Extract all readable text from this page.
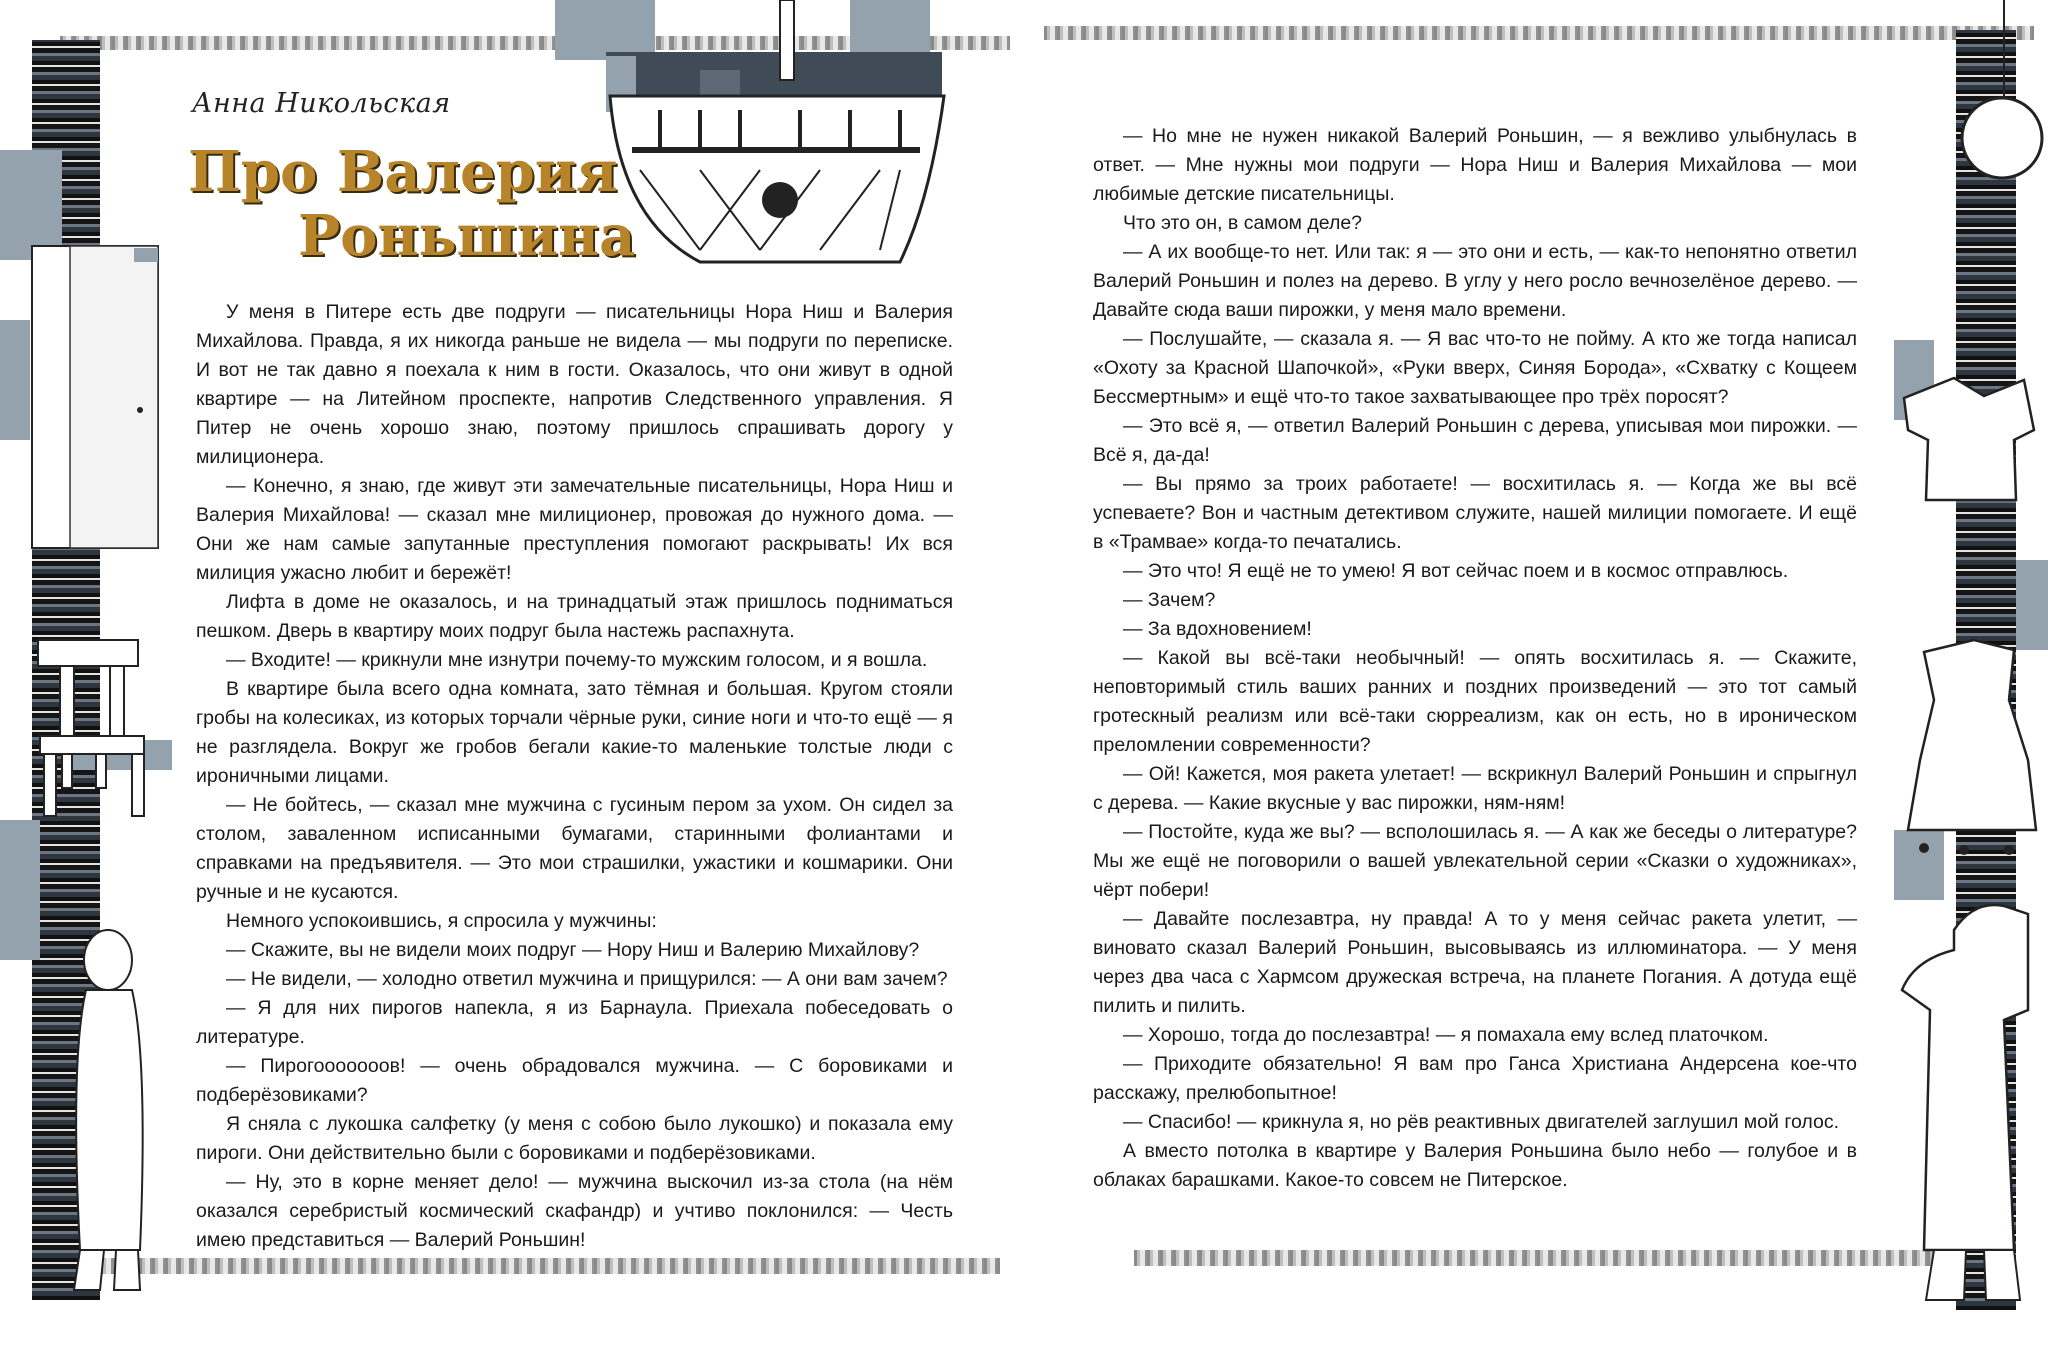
Анна Никольская

Про Валерия
Роньшина

У меня в Питере есть две подруги — писательницы Нора Ниш и Валерия Михайлова. Правда, я их никогда раньше не видела — мы подруги по переписке. И вот не так давно я поехала к ним в гости. Оказалось, что они живут в одной квартире — на Литейном проспекте, напротив Следственного управления. Я Питер не очень хорошо знаю, поэтому пришлось спрашивать дорогу у милиционера.

— Конечно, я знаю, где живут эти замечательные писательницы, Нора Ниш и Валерия Михайлова! — сказал мне милиционер, провожая до нужного дома. — Они же нам самые запутанные преступления помогают раскрывать! Их вся милиция ужасно любит и бережёт!

Лифта в доме не оказалось, и на тринадцатый этаж пришлось подниматься пешком. Дверь в квартиру моих подруг была настежь распахнута.

— Входите! — крикнули мне изнутри почему-то мужским голосом, и я вошла.

В квартире была всего одна комната, зато тёмная и большая. Кругом стояли гробы на колесиках, из которых торчали чёрные руки, синие ноги и что-то ещё — я не разглядела. Вокруг же гробов бегали какие-то маленькие толстые люди с ироничными лицами.

— Не бойтесь, — сказал мне мужчина с гусиным пером за ухом. Он сидел за столом, заваленном исписанными бумагами, старинными фолиантами и справками на предъявителя. — Это мои страшилки, ужастики и кошмарики. Они ручные и не кусаются.

Немного успокоившись, я спросила у мужчины:

— Скажите, вы не видели моих подруг — Нору Ниш и Валерию Михайлову?

— Не видели, — холодно ответил мужчина и прищурился: — А они вам зачем?

— Я для них пирогов напекла, я из Барнаула. Приехала побеседовать о литературе.

— Пирогооооооов! — очень обрадовался мужчина. — С боровиками и подберёзовиками?

Я сняла с лукошка салфетку (у меня с собою было лукошко) и показала ему пироги. Они действительно были с боровиками и подберёзовиками.

— Ну, это в корне меняет дело! — мужчина выскочил из-за стола (на нём оказался серебристый космический скафандр) и учтиво поклонился: — Честь имею представиться — Валерий Роньшин!

— Но мне не нужен никакой Валерий Роньшин, — я вежливо улыбнулась в ответ. — Мне нужны мои подруги — Нора Ниш и Валерия Михайлова — мои любимые детские писательницы.

Что это он, в самом деле?

— А их вообще-то нет. Или так: я — это они и есть, — как-то непонятно ответил Валерий Роньшин и полез на дерево. В углу у него росло вечнозелёное дерево. — Давайте сюда ваши пирожки, у меня мало времени.

— Послушайте, — сказала я. — Я вас что-то не пойму. А кто же тогда написал «Охоту за Красной Шапочкой», «Руки вверх, Синяя Борода», «Схватку с Кощеем Бессмертным» и ещё что-то такое захватывающее про трёх поросят?

— Это всё я, — ответил Валерий Роньшин с дерева, уписывая мои пирожки. — Всё я, да-да!

— Вы прямо за троих работаете! — восхитилась я. — Когда же вы всё успеваете? Вон и частным детективом служите, нашей милиции помогаете. И ещё в «Трамвае» когда-то печатались.

— Это что! Я ещё не то умею! Я вот сейчас поем и в космос отправлюсь.

— Зачем?

— За вдохновением!

— Какой вы всё-таки необычный! — опять восхитилась я. — Скажите, неповторимый стиль ваших ранних и поздних произведений — это тот самый гротескный реализм или всё-таки сюрреализм, как он есть, но в ироническом преломлении современности?

— Ой! Кажется, моя ракета улетает! — вскрикнул Валерий Роньшин и спрыгнул с дерева. — Какие вкусные у вас пирожки, ням-ням!

— Постойте, куда же вы? — всполошилась я. — А как же беседы о литературе? Мы же ещё не поговорили о вашей увлекательной серии «Сказки о художниках», чёрт побери!

— Давайте послезавтра, ну правда! А то у меня сейчас ракета улетит, — виновато сказал Валерий Роньшин, высовываясь из иллюминатора. — У меня через два часа с Хармсом дружеская встреча, на планете Погания. А дотуда ещё пилить и пилить.

— Хорошо, тогда до послезавтра! — я помахала ему вслед платочком.

— Приходите обязательно! Я вам про Ганса Христиана Андерсена кое-что расскажу, прелюбопытное!

— Спасибо! — крикнула я, но рёв реактивных двигателей заглушил мой голос.

А вместо потолка в квартире у Валерия Роньшина было небо — голубое и в облаках барашками. Какое-то совсем не Питерское.
